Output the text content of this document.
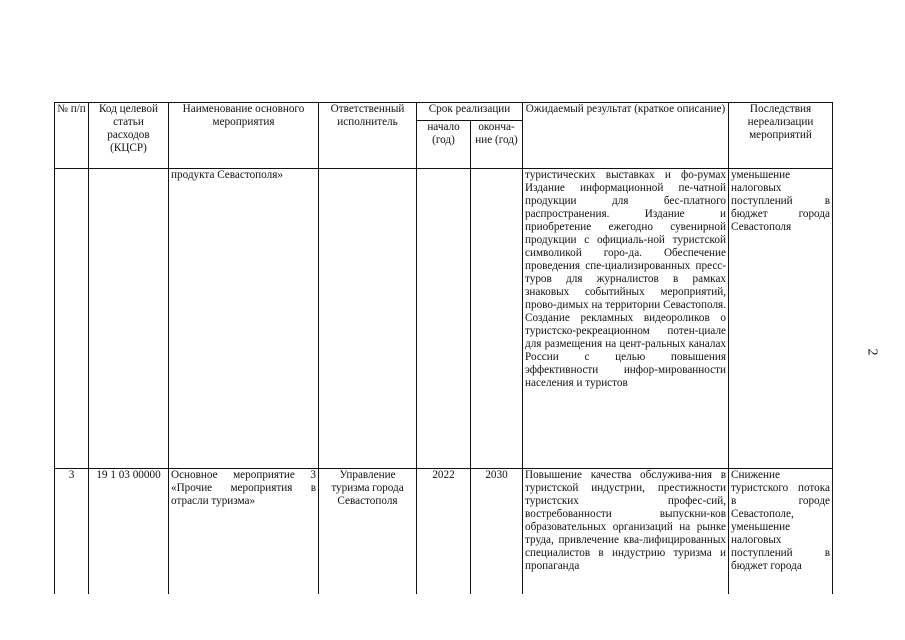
№ п/п	Код целевой статьи расходов (КЦСР)	Наименование основного мероприятия	Ответственный исполнитель	Срок реализации		Ожидаемый результат (краткое описание)	Последствия нереализации мероприятий
				начало (год)	оконча-ние (год)		
		продукта Севастополя»				туристических выставках и фо-румах Издание информационной пе-чатной продукции для бес-платного распространения. Издание и приобретение ежегодно сувенирной продукции с официаль-ной туристской символикой горо-да. Обеспечение проведения спе-циализированных пресс-туров для журналистов в рамках знаковых событийных мероприятий, прово-димых на территории Севастополя. Создание рекламных видеороликов о туристско-рекреационном потен-циале для размещения на цент-ральных каналах России с целью повышения эффективности инфор-мированности населения и туристов	уменьшение налоговых поступлений в бюджет города Севастополя
3	19 1 03 00000	Основное мероприятие 3 «Прочие мероприятия в отрасли туризма»	Управление туризма города Севастополя	2022	2030	Повышение качества обслужива-ния в туристской индустрии, престижности туристских профес-сий, востребованности выпускни-ков образовательных организаций на рынке труда, привлечение ква-лифицированных специалистов в индустрию туризма и пропаганда	Снижение туристского потока в городе Севастополе, уменьшение налоговых поступлений в бюджет города
2
